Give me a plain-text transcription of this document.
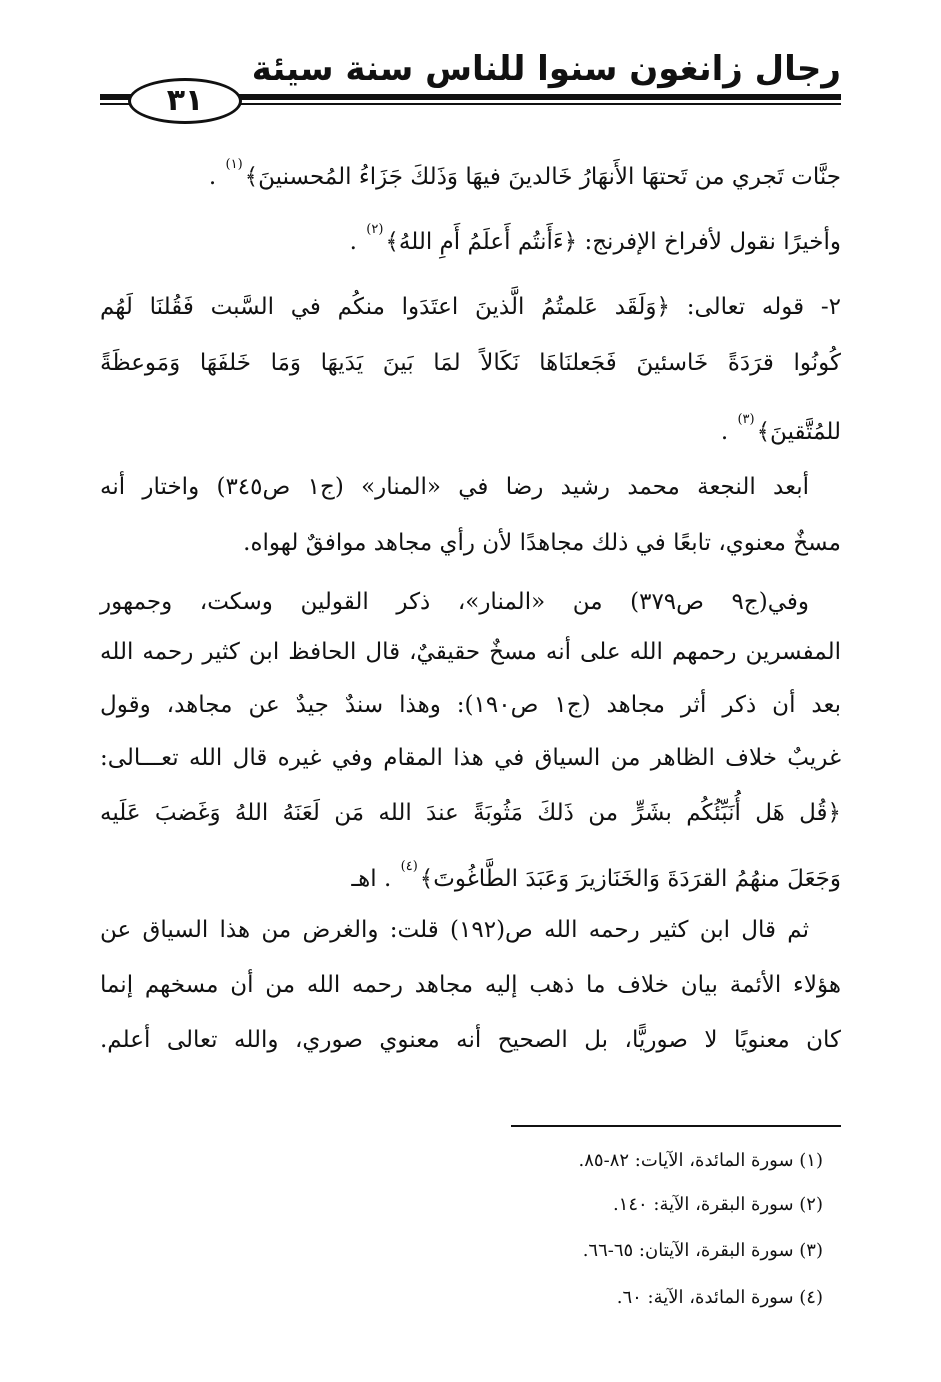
رجال زانغون سنوا للناس سنة سيئة
٣١
جنَّات تَجري من تَحتهَا الأَنهَارُ خَالدينَ فيهَا وَذَلكَ جَزَاءُ المُحسنينَ﴾$^{(١)}$ .
وأخيرًا نقول لأفراخ الإفرنج: ﴿ءَأَنتُم أَعلَمُ أَمِ اللهُ﴾$^{(٢)}$ .
٢- قوله تعالى: ﴿وَلَقَد عَلمتُمُ الَّذينَ اعتَدَوا منكُم في السَّبت فَقُلنَا لَهُم
كُونُوا قرَدَةً خَاسئينَ فَجَعلنَاهَا نَكَالاً لمَا بَينَ يَدَيهَا وَمَا خَلفَهَا وَمَوعظَةً
للمُتَّقينَ﴾$^{(٣)}$ .
أبعد النجعة محمد رشيد رضا في «المنار» (ج١ ص٣٤٥) واختار أنه
مسخٌ معنوي، تابعًا في ذلك مجاهدًا لأن رأي مجاهد موافقٌ لهواه.
وفي(ج٩ ص٣٧٩) من «المنار»، ذكر القولين وسكت، وجمهور
المفسرين رحمهم الله على أنه مسخٌ حقيقيٌ، قال الحافظ ابن كثير رحمه الله
بعد أن ذكر أثر مجاهد (ج١ ص١٩٠): وهذا سندٌ جيدٌ عن مجاهد، وقول
غريبٌ خلاف الظاهر من السياق في هذا المقام وفي غيره قال الله تعـــالى:
﴿قُل هَل أُنَبِّئُكُم بشَرٍّ من ذَلكَ مَثُوبَةً عندَ الله مَن لَعَنَهُ اللهُ وَغَضبَ عَلَيه
وَجَعَلَ منهُمُ القرَدَةَ وَالخَنَازيرَ وَعَبَدَ الطَّاغُوتَ﴾$^{(٤)}$ . اهـ
ثم قال ابن كثير رحمه الله ص(١٩٢) قلت: والغرض من هذا السياق عن
هؤلاء الأئمة بيان خلاف ما ذهب إليه مجاهد رحمه الله من أن مسخهم إنما
كان معنويًا لا صوريًّا، بل الصحيح أنه معنوي صوري، والله تعالى أعلم.
(١) سورة المائدة، الآيات: ٨٢-٨٥.
(٢) سورة البقرة، الآية: ١٤٠.
(٣) سورة البقرة، الآيتان: ٦٥-٦٦.
(٤) سورة المائدة، الآية: ٦٠.
